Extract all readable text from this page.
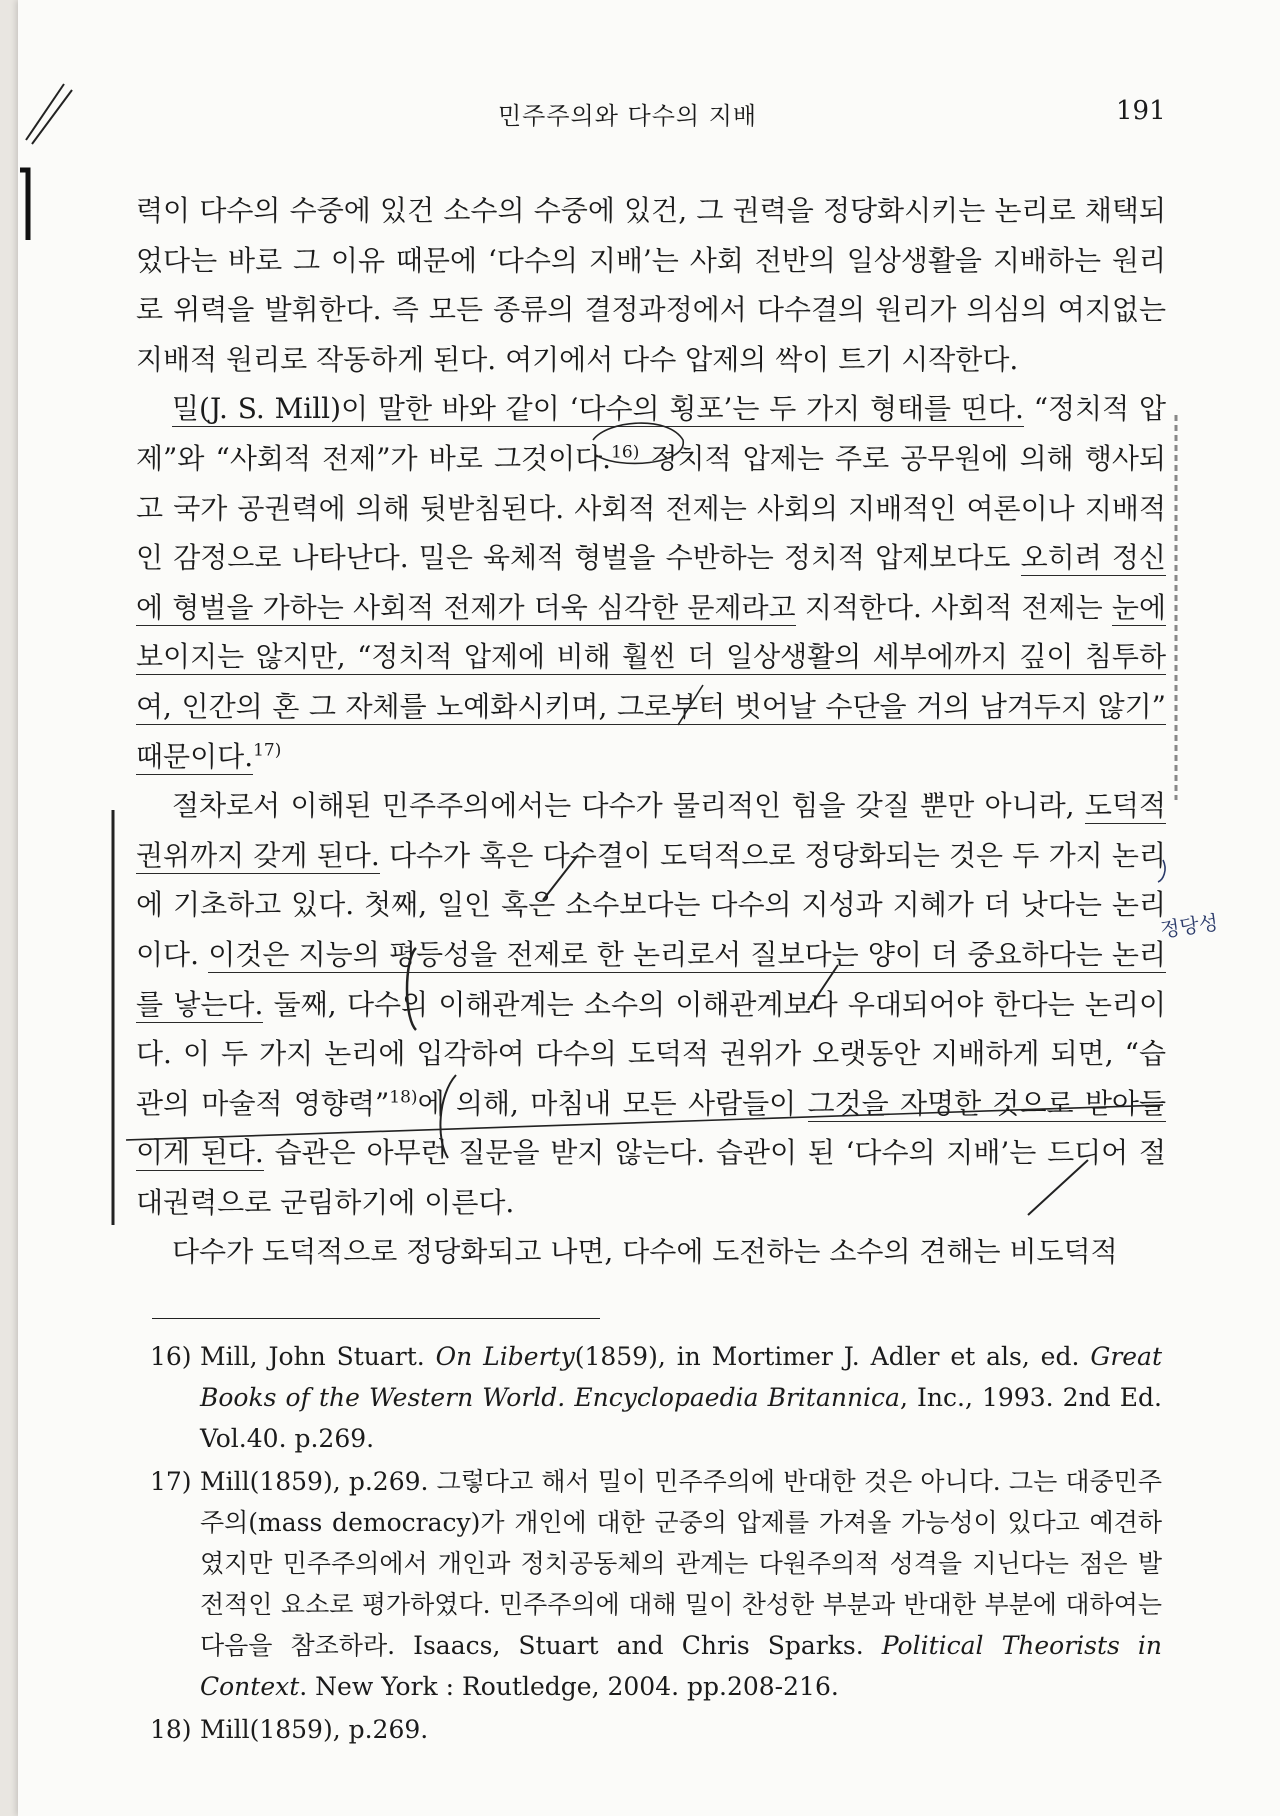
민주주의와 다수의 지배	191

력이 다수의 수중에 있건 소수의 수중에 있건, 그 권력을 정당화시키는 논리로 채택되었다는 바로 그 이유 때문에 ‘다수의 지배’는 사회 전반의 일상생활을 지배하는 원리로 위력을 발휘한다. 즉 모든 종류의 결정과정에서 다수결의 원리가 의심의 여지없는 지배적 원리로 작동하게 된다. 여기에서 다수 압제의 싹이 트기 시작한다.

밀(J. S. Mill)이 말한 바와 같이 ‘다수의 횡포’는 두 가지 형태를 띤다. “정치적 압제”와 “사회적 전제”가 바로 그것이다.$^{16)}$ 정치적 압제는 주로 공무원에 의해 행사되고 국가 공권력에 의해 뒷받침된다. 사회적 전제는 사회의 지배적인 여론이나 지배적인 감정으로 나타난다. 밀은 육체적 형벌을 수반하는 정치적 압제보다도 오히려 정신에 형벌을 가하는 사회적 전제가 더욱 심각한 문제라고 지적한다. 사회적 전제는 눈에 보이지는 않지만, “정치적 압제에 비해 훨씬 더 일상생활의 세부에까지 깊이 침투하여, 인간의 혼 그 자체를 노예화시키며, 그로부터 벗어날 수단을 거의 남겨두지 않기” 때문이다.$^{17)}$

절차로서 이해된 민주주의에서는 다수가 물리적인 힘을 갖질 뿐만 아니라, 도덕적 권위까지 갖게 된다. 다수가 혹은 다수결이 도덕적으로 정당화되는 것은 두 가지 논리에 기초하고 있다. 첫째, 일인 혹은 소수보다는 다수의 지성과 지혜가 더 낫다는 논리이다. 이것은 지능의 평등성을 전제로 한 논리로서 질보다는 양이 더 중요하다는 논리를 낳는다. 둘째, 다수의 이해관계는 소수의 이해관계보다 우대되어야 한다는 논리이다. 이 두 가지 논리에 입각하여 다수의 도덕적 권위가 오랫동안 지배하게 되면, “습관의 마술적 영향력”$^{18)}$에 의해, 마침내 모든 사람들이 그것을 자명한 것으로 받아들이게 된다. 습관은 아무런 질문을 받지 않는다. 습관이 된 ‘다수의 지배’는 드디어 절대권력으로 군림하기에 이른다.

다수가 도덕적으로 정당화되고 나면, 다수에 도전하는 소수의 견해는 비도덕적

16) Mill, John Stuart. On Liberty(1859), in Mortimer J. Adler et als, ed. Great Books of the Western World. Encyclopaedia Britannica, Inc., 1993. 2nd Ed. Vol.40. p.269.

17) Mill(1859), p.269. 그렇다고 해서 밀이 민주주의에 반대한 것은 아니다. 그는 대중민주주의(mass democracy)가 개인에 대한 군중의 압제를 가져올 가능성이 있다고 예견하였지만 민주주의에서 개인과 정치공동체의 관계는 다원주의적 성격을 지닌다는 점은 발전적인 요소로 평가하였다. 민주주의에 대해 밀이 찬성한 부분과 반대한 부분에 대하여는 다음을 참조하라. Isaacs, Stuart and Chris Sparks. Political Theorists in Context. New York : Routledge, 2004. pp.208-216.

18) Mill(1859), p.269.

정당성
